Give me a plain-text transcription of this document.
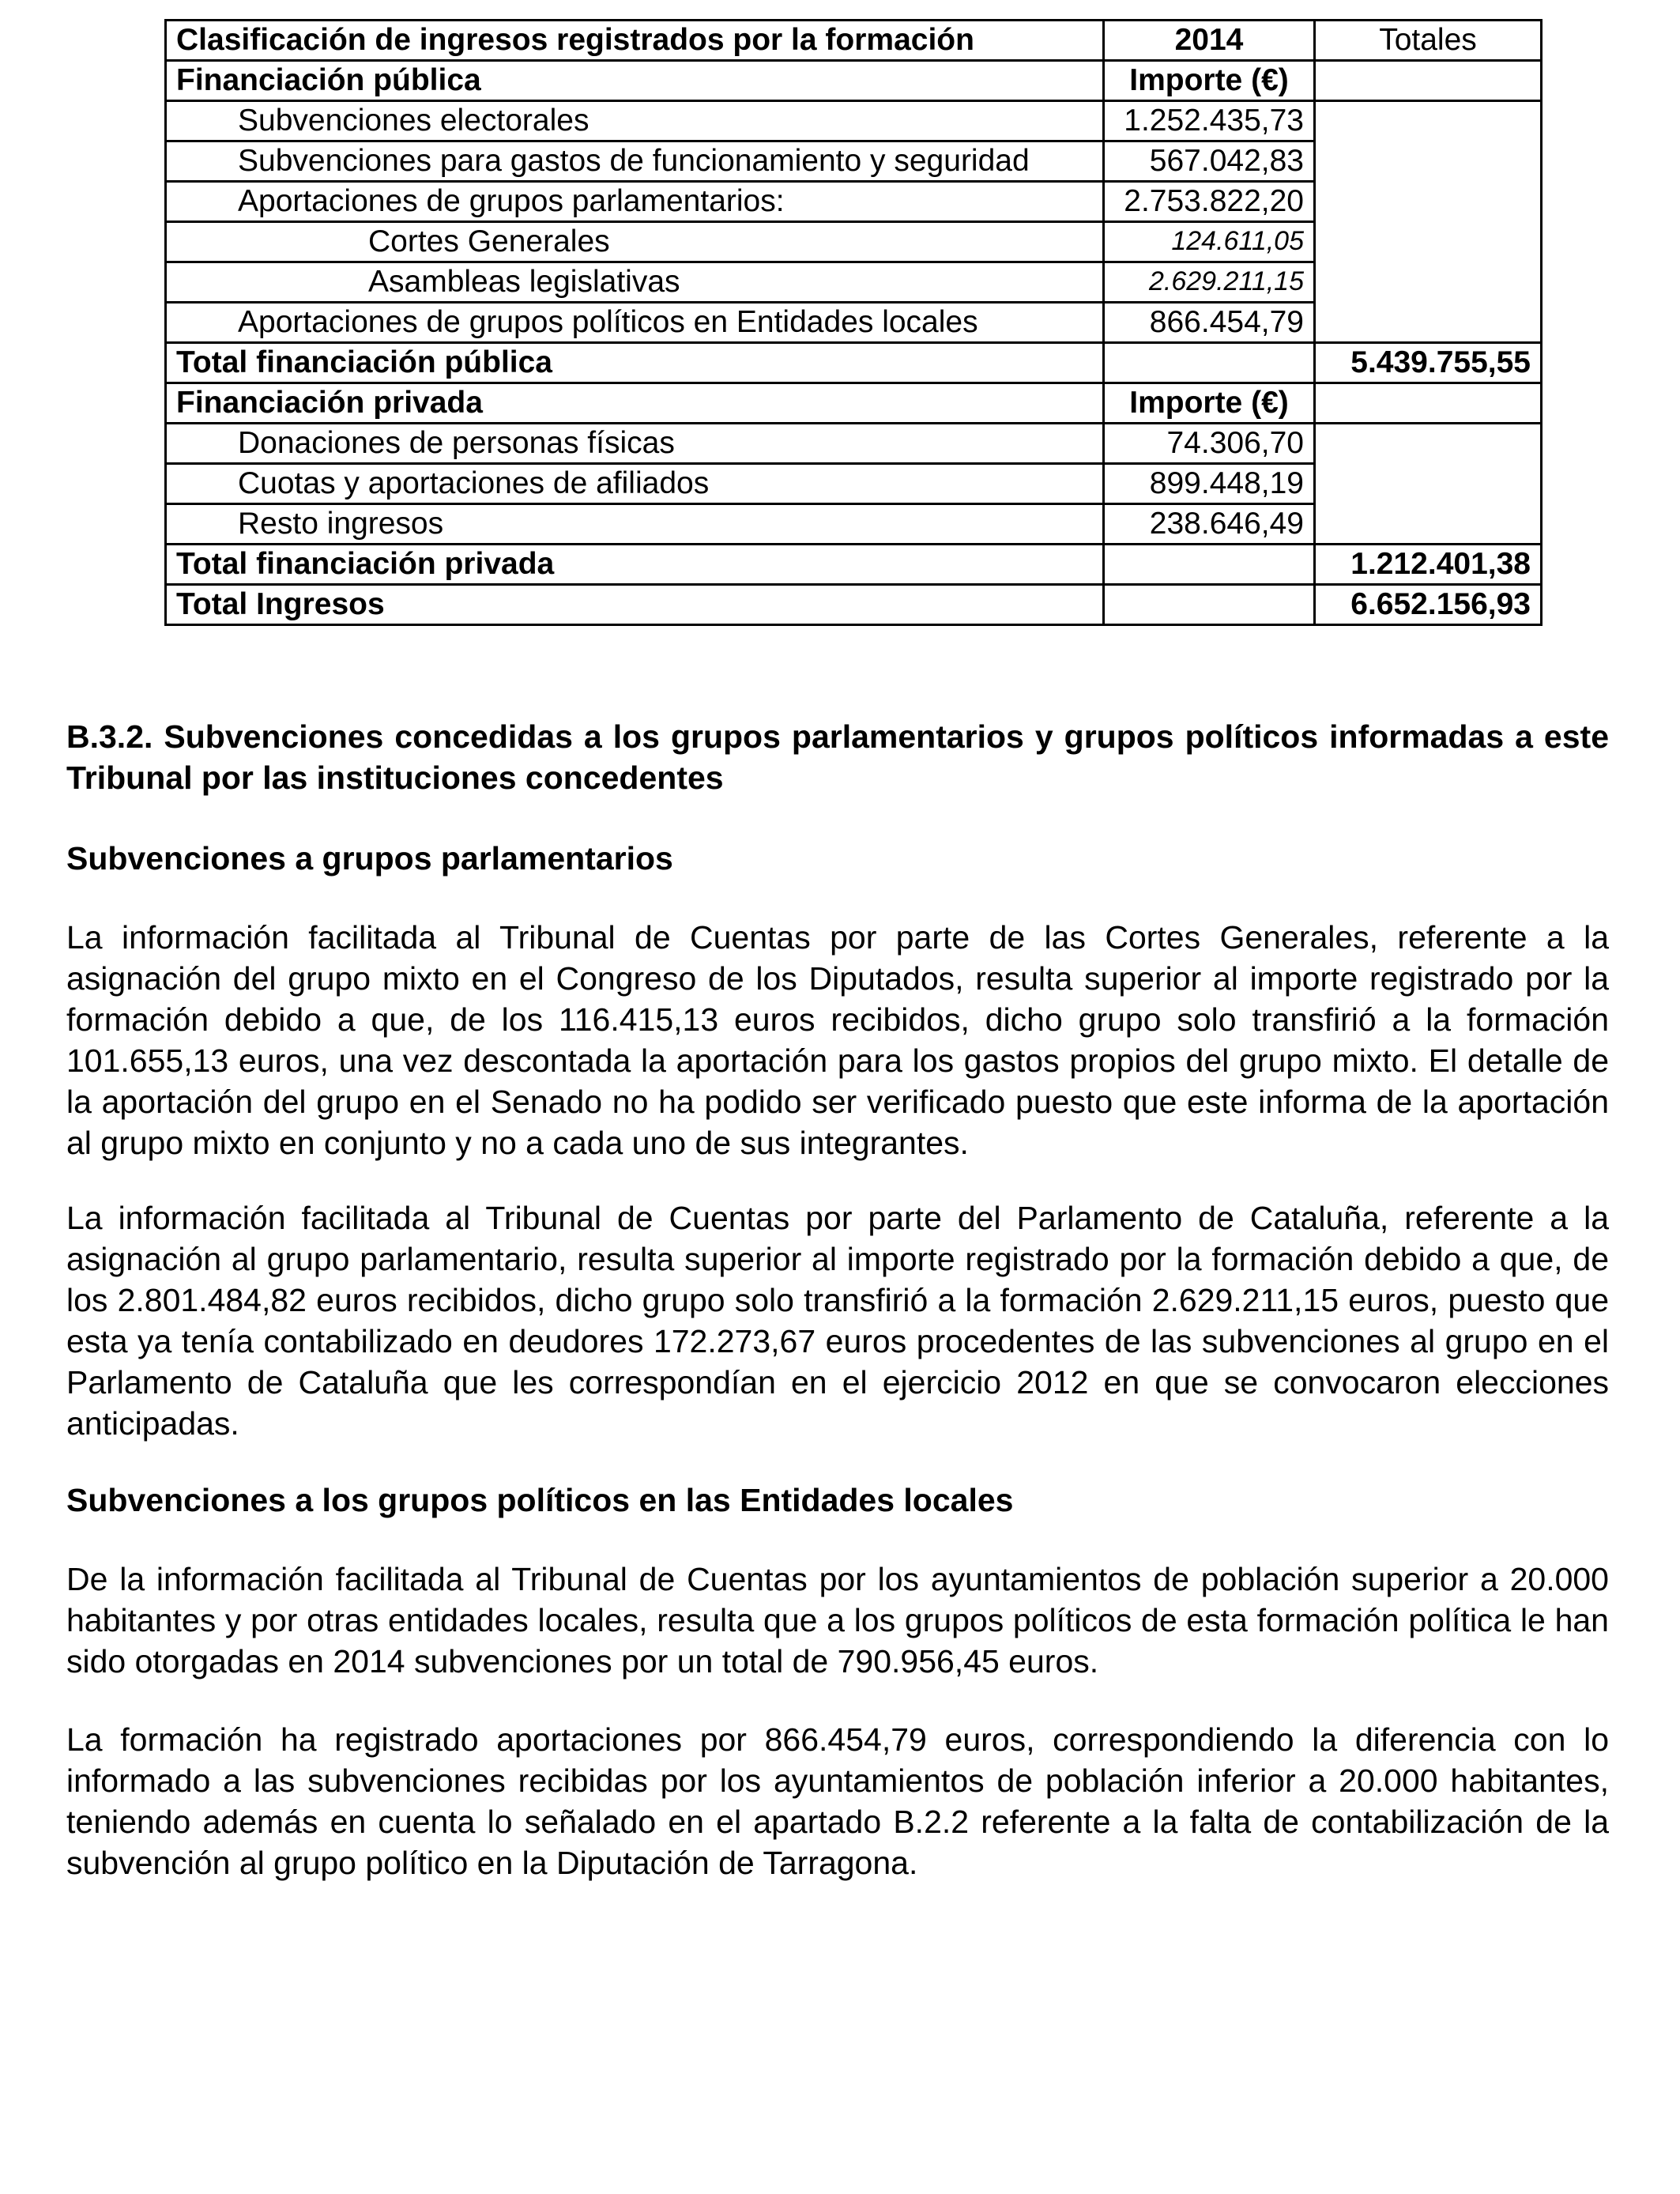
Clasificación de ingresos registrados por la formación	2014	Totales
Financiación pública	Importe (€)	
Subvenciones electorales	1.252.435,73	
Subvenciones para gastos de funcionamiento y seguridad	567.042,83	
Aportaciones de grupos parlamentarios:	2.753.822,20	
Cortes Generales	124.611,05	
Asambleas legislativas	2.629.211,15	
Aportaciones de grupos políticos en Entidades locales	866.454,79	
Total financiación pública		5.439.755,55
Financiación privada	Importe (€)	
Donaciones de personas físicas	74.306,70	
Cuotas y aportaciones de afiliados	899.448,19	
Resto ingresos	238.646,49	
Total financiación privada		1.212.401,38
Total Ingresos		6.652.156,93
B.3.2. Subvenciones concedidas a los grupos parlamentarios y grupos políticos informadas a este Tribunal por las instituciones concedentes
Subvenciones a grupos parlamentarios
La información facilitada al Tribunal de Cuentas por parte de las Cortes Generales, referente a la asignación del grupo mixto en el Congreso de los Diputados, resulta superior al importe registrado por la formación debido a que, de los 116.415,13 euros recibidos, dicho grupo solo transfirió a la formación 101.655,13 euros, una vez descontada la aportación para los gastos propios del grupo mixto. El detalle de la aportación del grupo en el Senado no ha podido ser verificado puesto que este informa de la aportación al grupo mixto en conjunto y no a cada uno de sus integrantes.
La información facilitada al Tribunal de Cuentas por parte del Parlamento de Cataluña, referente a la asignación al grupo parlamentario, resulta superior al importe registrado por la formación debido a que, de los 2.801.484,82 euros recibidos, dicho grupo solo transfirió a la formación 2.629.211,15 euros, puesto que esta ya tenía contabilizado en deudores 172.273,67 euros procedentes de las subvenciones al grupo en el Parlamento de Cataluña que les correspondían en el ejercicio 2012 en que se convocaron elecciones anticipadas.
Subvenciones a los grupos políticos en las Entidades locales
De la información facilitada al Tribunal de Cuentas por los ayuntamientos de población superior a 20.000 habitantes y por otras entidades locales, resulta que a los grupos políticos de esta formación política le han sido otorgadas en 2014 subvenciones por un total de 790.956,45 euros.
La formación ha registrado aportaciones por 866.454,79 euros, correspondiendo la diferencia con lo informado a las subvenciones recibidas por los ayuntamientos de población inferior a 20.000 habitantes, teniendo además en cuenta lo señalado en el apartado B.2.2 referente a la falta de contabilización de la subvención al grupo político en la Diputación de Tarragona.
